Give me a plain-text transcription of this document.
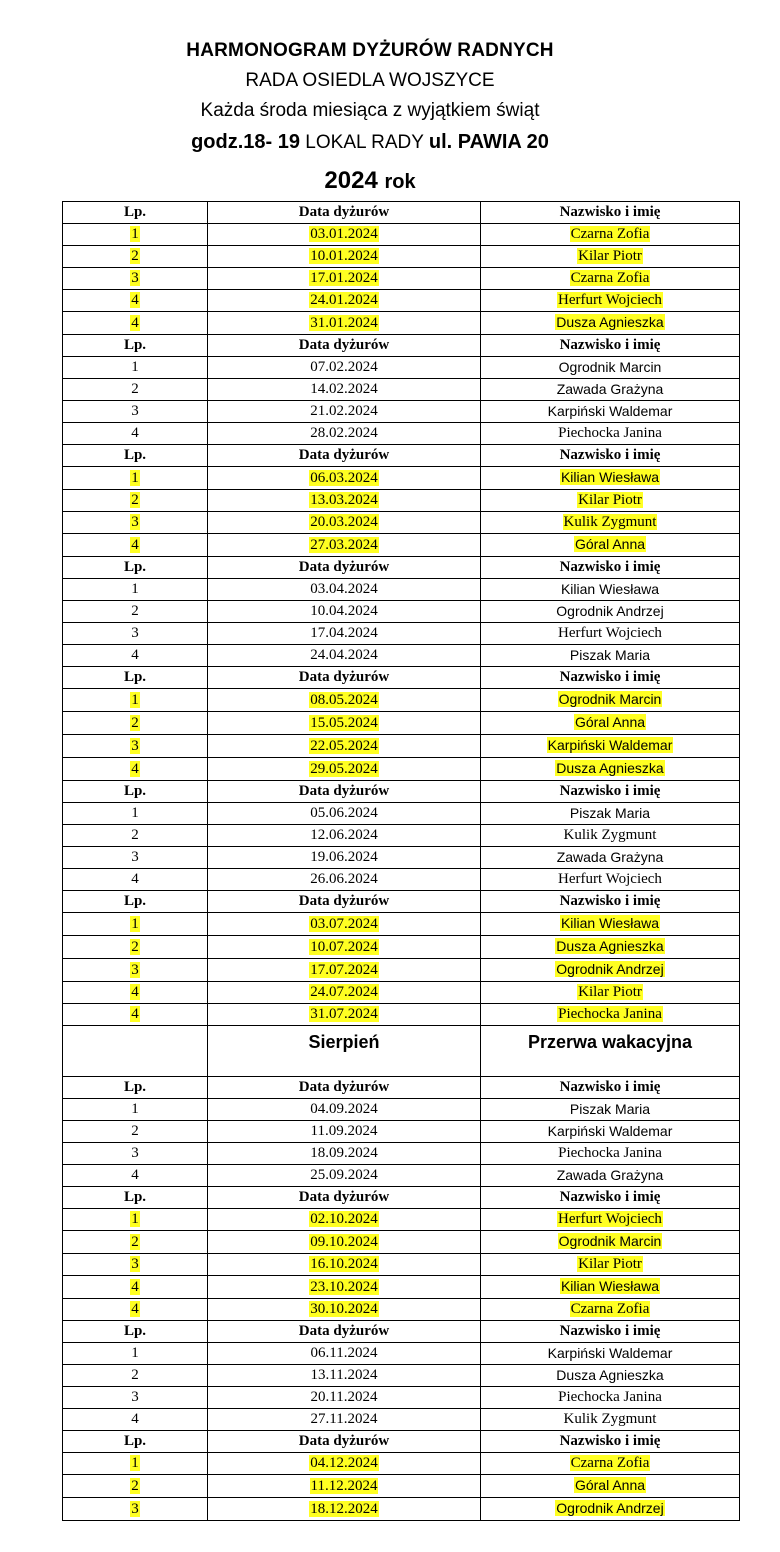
HARMONOGRAM DYŻURÓW RADNYCH
RADA OSIEDLA WOJSZYCE
Każda środa miesiąca z wyjątkiem świąt
godz.18- 19 LOKAL RADY ul. PAWIA 20
2024 rok
Lp.	Data dyżurów	Nazwisko i imię
1	03.01.2024	Czarna Zofia
2	10.01.2024	Kilar Piotr
3	17.01.2024	Czarna Zofia
4	24.01.2024	Herfurt Wojciech
4	31.01.2024	Dusza Agnieszka
Lp.	Data dyżurów	Nazwisko i imię
1	07.02.2024	Ogrodnik Marcin
2	14.02.2024	Zawada Grażyna
3	21.02.2024	Karpiński Waldemar
4	28.02.2024	Piechocka Janina
Lp.	Data dyżurów	Nazwisko i imię
1	06.03.2024	Kilian Wiesława
2	13.03.2024	Kilar Piotr
3	20.03.2024	Kulik Zygmunt
4	27.03.2024	Góral Anna
Lp.	Data dyżurów	Nazwisko i imię
1	03.04.2024	Kilian Wiesława
2	10.04.2024	Ogrodnik Andrzej
3	17.04.2024	Herfurt Wojciech
4	24.04.2024	Piszak Maria
Lp.	Data dyżurów	Nazwisko i imię
1	08.05.2024	Ogrodnik Marcin
2	15.05.2024	Góral Anna
3	22.05.2024	Karpiński Waldemar
4	29.05.2024	Dusza Agnieszka
Lp.	Data dyżurów	Nazwisko i imię
1	05.06.2024	Piszak Maria
2	12.06.2024	Kulik Zygmunt
3	19.06.2024	Zawada Grażyna
4	26.06.2024	Herfurt Wojciech
Lp.	Data dyżurów	Nazwisko i imię
1	03.07.2024	Kilian Wiesława
2	10.07.2024	Dusza Agnieszka
3	17.07.2024	Ogrodnik Andrzej
4	24.07.2024	Kilar Piotr
4	31.07.2024	Piechocka Janina
	Sierpień	Przerwa wakacyjna
Lp.	Data dyżurów	Nazwisko i imię
1	04.09.2024	Piszak Maria
2	11.09.2024	Karpiński Waldemar
3	18.09.2024	Piechocka Janina
4	25.09.2024	Zawada Grażyna
Lp.	Data dyżurów	Nazwisko i imię
1	02.10.2024	Herfurt Wojciech
2	09.10.2024	Ogrodnik Marcin
3	16.10.2024	Kilar Piotr
4	23.10.2024	Kilian Wiesława
4	30.10.2024	Czarna Zofia
Lp.	Data dyżurów	Nazwisko i imię
1	06.11.2024	Karpiński Waldemar
2	13.11.2024	Dusza Agnieszka
3	20.11.2024	Piechocka Janina
4	27.11.2024	Kulik Zygmunt
Lp.	Data dyżurów	Nazwisko i imię
1	04.12.2024	Czarna Zofia
2	11.12.2024	Góral Anna
3	18.12.2024	Ogrodnik Andrzej
